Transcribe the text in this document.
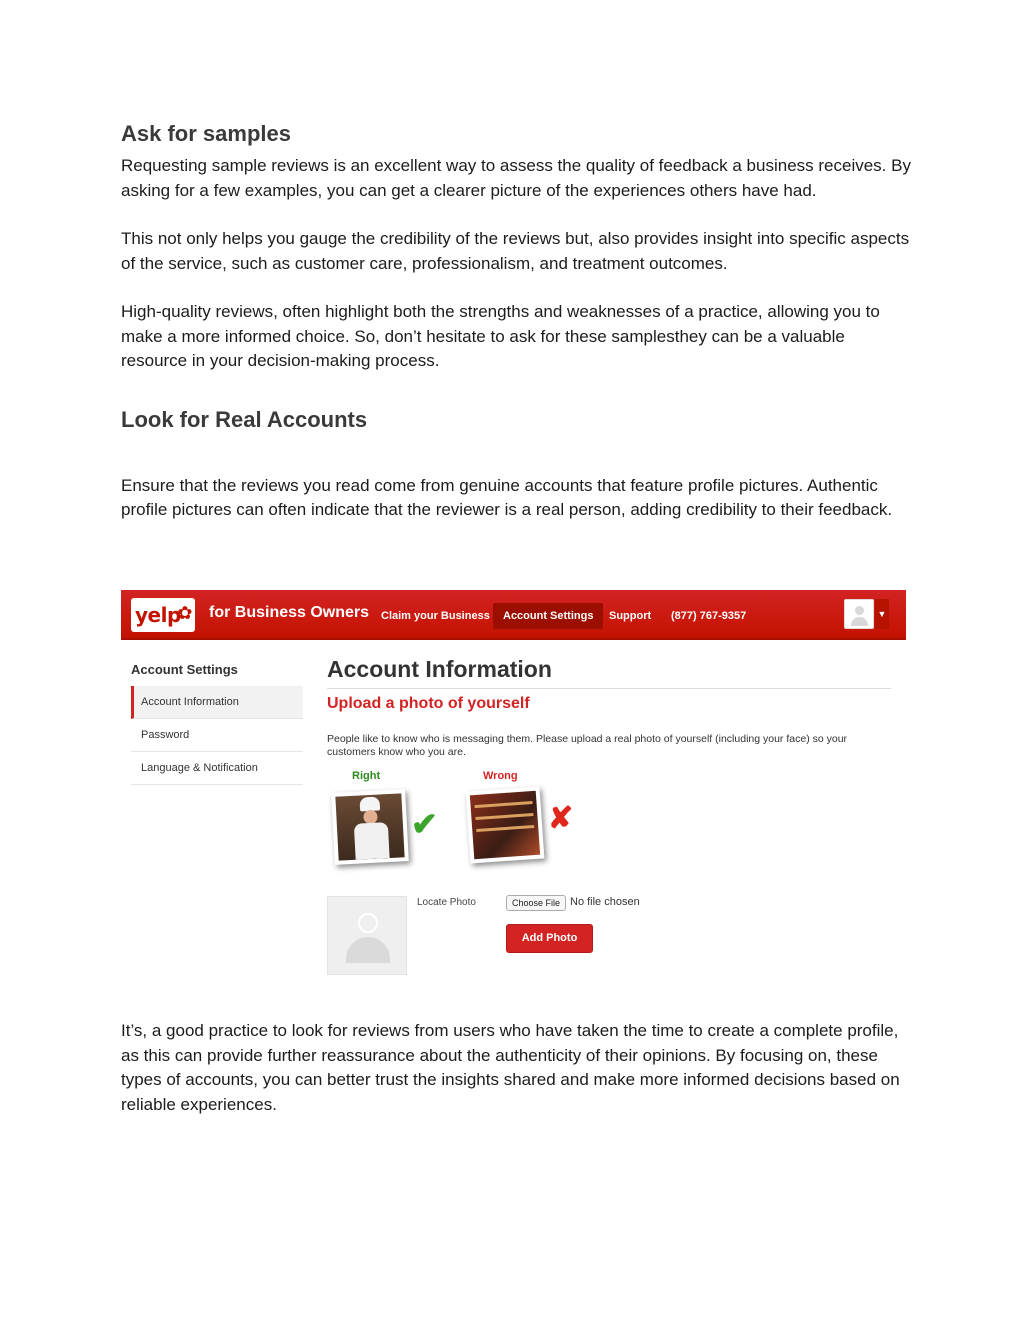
Ask for samples

Requesting sample reviews is an excellent way to assess the quality of feedback a business receives. By asking for a few examples, you can get a clearer picture of the experiences others have had.

This not only helps you gauge the credibility of the reviews but, also provides insight into specific aspects of the service, such as customer care, professionalism, and treatment outcomes.

High-quality reviews, often highlight both the strengths and weaknesses of a practice, allowing you to make a more informed choice. So, don’t hesitate to ask for these samplesthey can be a valuable resource in your decision-making process.

Look for Real Accounts

Ensure that the reviews you read come from genuine accounts that feature profile pictures. Authentic profile pictures can often indicate that the reviewer is a real person, adding credibility to their feedback.

yelp
✿ for Business Owners	Claim your Business	Account Settings	Support	(877) 767-9357	▼
Account Settings
Account Information
Password
Language & Notification
Account Information
Upload a photo of yourself
People like to know who is messaging them. Please upload a real photo of yourself (including your face) so your customers know who you are.
Right	Wrong
✔	✘
Locate Photo	Choose File No file chosen
Add Photo

It’s, a good practice to look for reviews from users who have taken the time to create a complete profile, as this can provide further reassurance about the authenticity of their opinions. By focusing on, these types of accounts, you can better trust the insights shared and make more informed decisions based on reliable experiences.
